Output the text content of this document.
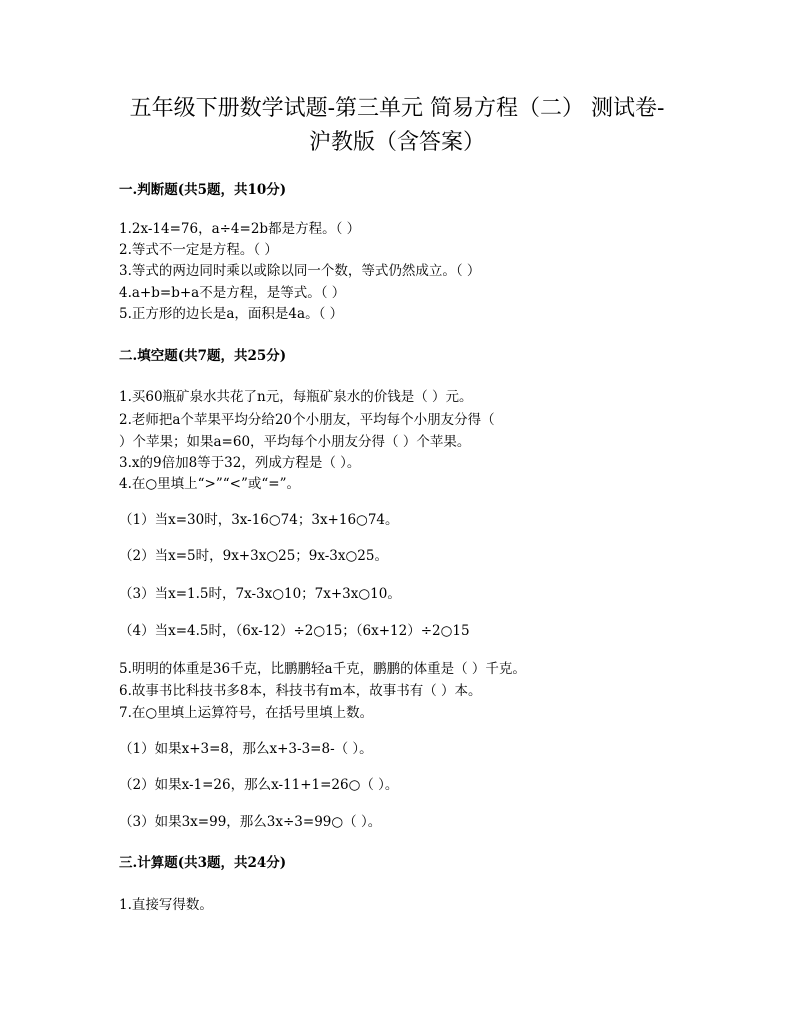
五年级下册数学试题-第三单元 简易方程（二） 测试卷-
沪教版（含答案）
一.判断题(共5题，共10分)
1.2x-14=76，a÷4=2b都是方程。（ ）
2.等式不一定是方程。（ ）
3.等式的两边同时乘以或除以同一个数，等式仍然成立。（ ）
4.a+b=b+a不是方程，是等式。（ ）
5.正方形的边长是a，面积是4a。（ ）
二.填空题(共7题，共25分)
1.买60瓶矿泉水共花了n元，每瓶矿泉水的价钱是（ ）元。
2.老师把a个苹果平均分给20个小朋友，平均每个小朋友分得（
）个苹果；如果a=60，平均每个小朋友分得（ ）个苹果。
3.x的9倍加8等于32，列成方程是（ ）。
4.在○里填上“>”“<”或“=”。
（1）当x=30时，3x-16○74；3x+16○74。
（2）当x=5时，9x+3x○25；9x-3x○25。
（3）当x=1.5时，7x-3x○10；7x+3x○10。
（4）当x=4.5时，（6x-12）÷2○15；（6x+12）÷2○15
5.明明的体重是36千克，比鹏鹏轻a千克，鹏鹏的体重是（ ）千克。
6.故事书比科技书多8本，科技书有m本，故事书有（ ）本。
7.在○里填上运算符号，在括号里填上数。
（1）如果x+3=8，那么x+3-3=8-（ ）。
（2）如果x-1=26，那么x-11+1=26○（ ）。
（3）如果3x=99，那么3x÷3=99○（ ）。
三.计算题(共3题，共24分)
1.直接写得数。
